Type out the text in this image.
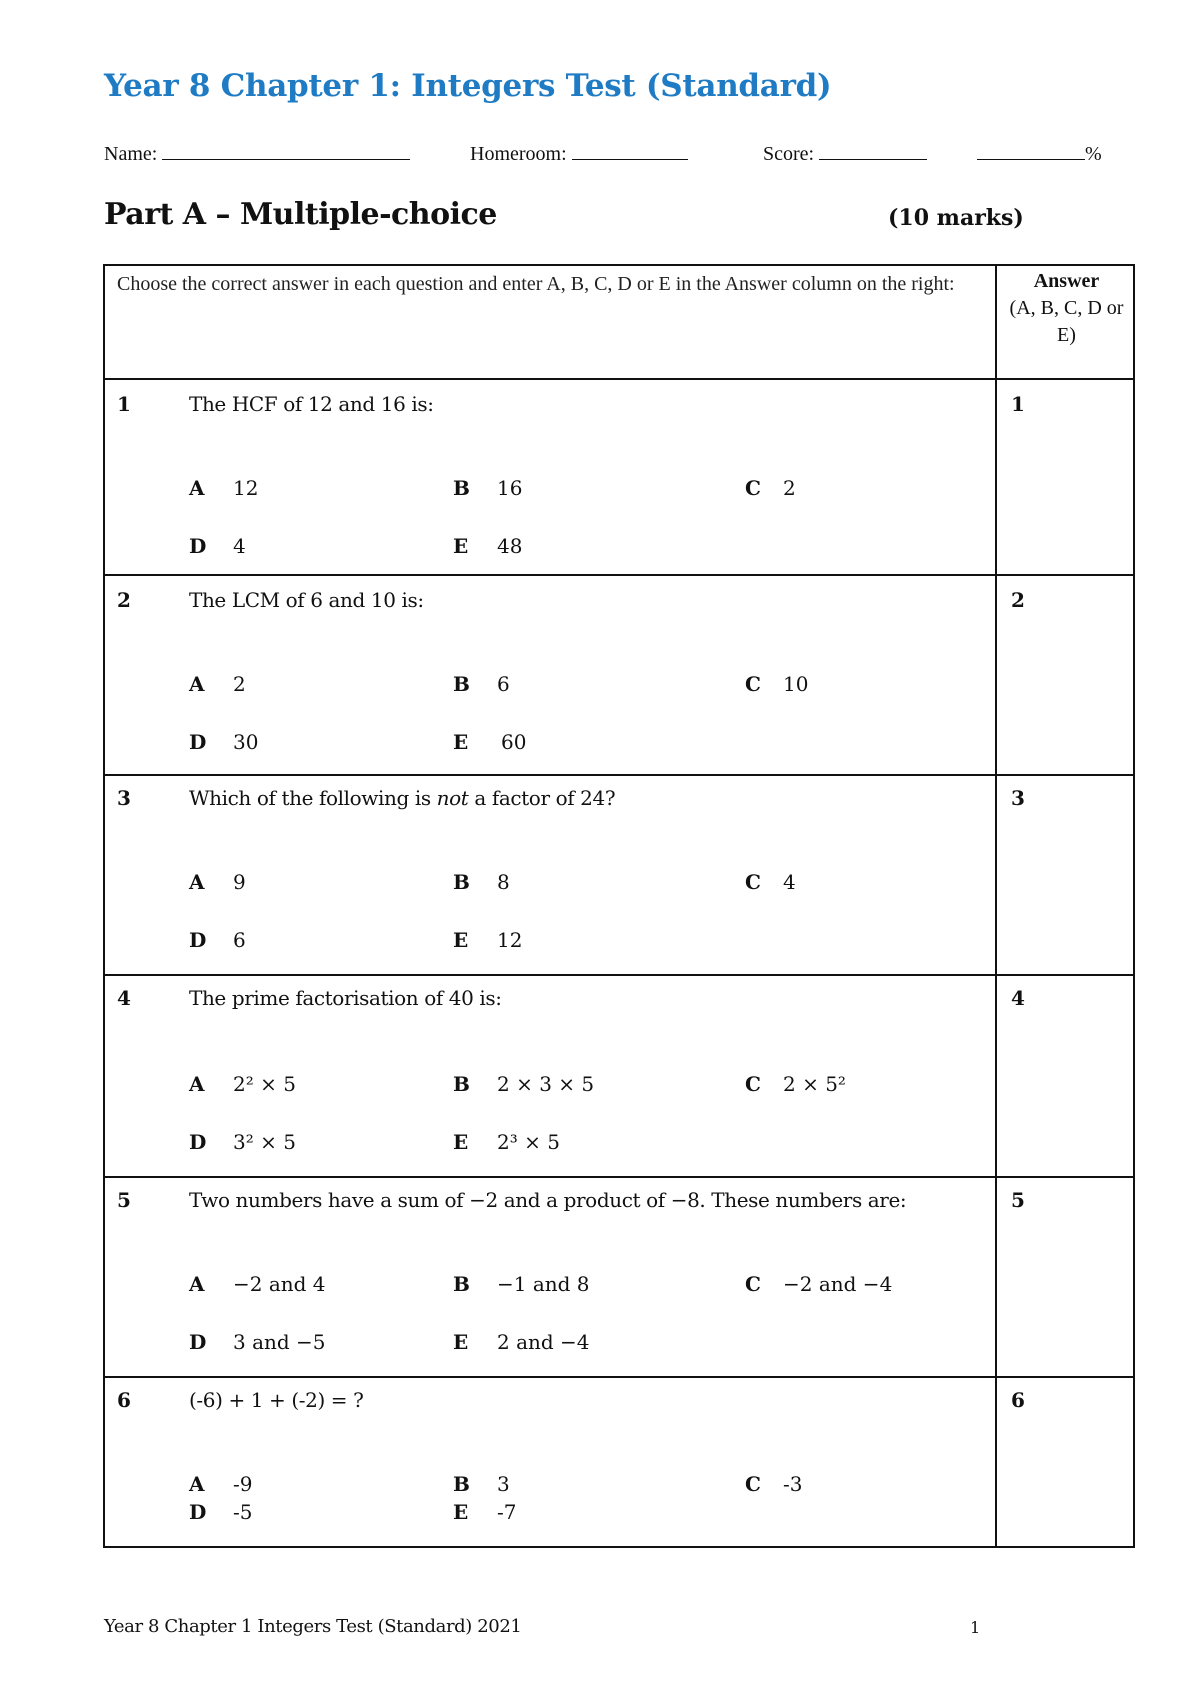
Year 8 Chapter 1: Integers Test (Standard)
Name:	Homeroom:	Score:	%
Part A – Multiple-choice	(10 marks)
Choose the correct answer in each question and enter A, B, C, D or E in the Answer column on the right:	Answer
(A, B, C, D or E)
1	The HCF of 12 and 16 is:
A 12	B 16	C 2
D 4	E 48
1
2	The LCM of 6 and 10 is:
A 2	B 6	C 10
D 30	E 60
2
3	Which of the following is not a factor of 24?
A 9	B 8	C 4
D 6	E 12
3
4	The prime factorisation of 40 is:
A 2² × 5	B 2 × 3 × 5	C 2 × 5²
D 3² × 5	E 2³ × 5
4
5	Two numbers have a sum of −2 and a product of −8. These numbers are:
A −2 and 4	B −1 and 8	C −2 and −4
D 3 and −5	E 2 and −4
5
6	(-6) + 1 + (-2) = ?
A -9	B 3	C -3
D -5	E -7
6
Year 8 Chapter 1 Integers Test (Standard) 2021	1
